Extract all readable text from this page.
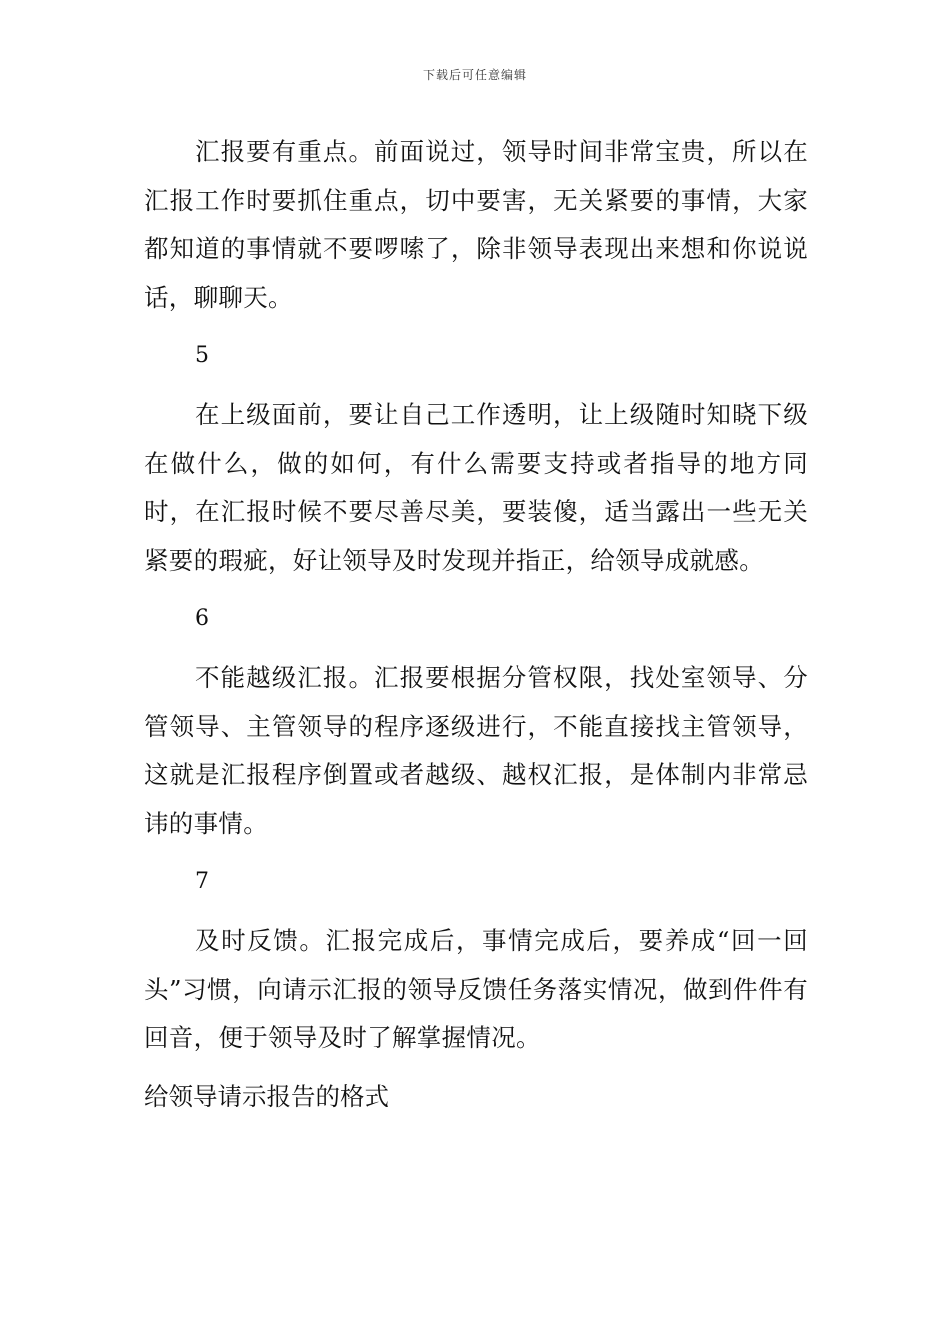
下载后可任意编辑

汇报要有重点。前面说过，领导时间非常宝贵，所以在汇报工作时要抓住重点，切中要害，无关紧要的事情，大家都知道的事情就不要啰嗦了，除非领导表现出来想和你说说话，聊聊天。

5

在上级面前，要让自己工作透明，让上级随时知晓下级在做什么，做的如何，有什么需要支持或者指导的地方同时，在汇报时候不要尽善尽美，要装傻，适当露出一些无关紧要的瑕疵，好让领导及时发现并指正，给领导成就感。

6

不能越级汇报。汇报要根据分管权限，找处室领导、分管领导、主管领导的程序逐级进行，不能直接找主管领导，这就是汇报程序倒置或者越级、越权汇报，是体制内非常忌讳的事情。

7

及时反馈。汇报完成后，事情完成后，要养成“回一回头”习惯，向请示汇报的领导反馈任务落实情况，做到件件有回音，便于领导及时了解掌握情况。

给领导请示报告的格式
